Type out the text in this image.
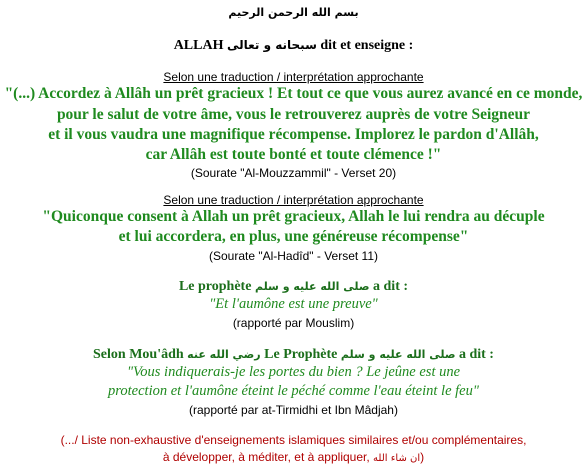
بسم الله الرحمن الرحيم
ALLAH سبحانه و تعالى dit et enseigne :
Selon une traduction / interprétation approchante
"(...) Accordez à Allâh un prêt gracieux ! Et tout ce que vous aurez avancé en ce monde,
pour le salut de votre âme, vous le retrouverez auprès de votre Seigneur
et il vous vaudra une magnifique récompense. Implorez le pardon d'Allâh,
car Allâh est toute bonté et toute clémence !"
(Sourate "Al-Mouzzammil" - Verset 20)
Selon une traduction / interprétation approchante
"Quiconque consent à Allah un prêt gracieux, Allah le lui rendra au décuple
et lui accordera, en plus, une généreuse récompense"
(Sourate "Al-Hadîd" - Verset 11)
Le prophète صلى الله عليه و سلم a dit :
"Et l'aumône est une preuve"
(rapporté par Mouslim)
Selon Mou'âdh رضي الله عنه Le Prophète صلى الله عليه و سلم a dit :
"Vous indiquerais-je les portes du bien ? Le jeûne est une
protection et l'aumône éteint le péché comme l'eau éteint le feu"
(rapporté par at-Tirmidhi et Ibn Mâdjah)
(.../ Liste non-exhaustive d'enseignements islamiques similaires et/ou complémentaires,
à développer, à méditer, et à appliquer, ان شاء الله)
